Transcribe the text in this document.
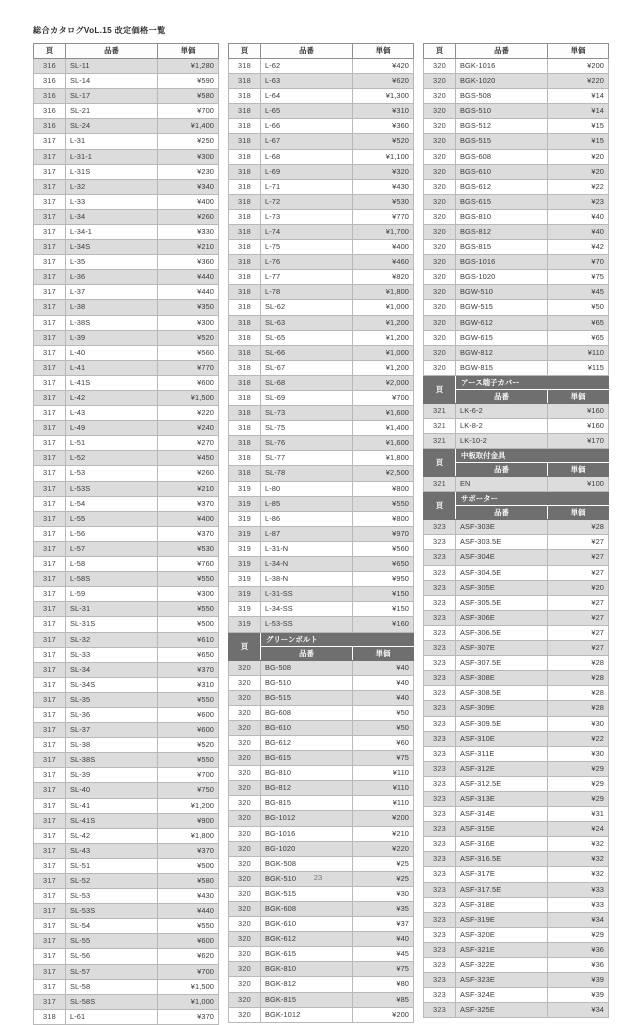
総合カタログVoL.15 改定価格一覧
頁	品番	単価
316	SL-11	¥1,280
316	SL-14	¥590
316	SL-17	¥580
316	SL-21	¥700
316	SL-24	¥1,400
317	L-31	¥250
317	L-31-1	¥300
317	L-31S	¥230
317	L-32	¥340
317	L-33	¥400
317	L-34	¥260
317	L-34-1	¥330
317	L-34S	¥210
317	L-35	¥360
317	L-36	¥440
317	L-37	¥440
317	L-38	¥350
317	L-38S	¥300
317	L-39	¥520
317	L-40	¥560
317	L-41	¥770
317	L-41S	¥600
317	L-42	¥1,500
317	L-43	¥220
317	L-49	¥240
317	L-51	¥270
317	L-52	¥450
317	L-53	¥260
317	L-53S	¥210
317	L-54	¥370
317	L-55	¥400
317	L-56	¥370
317	L-57	¥530
317	L-58	¥760
317	L-58S	¥550
317	L-59	¥300
317	SL-31	¥550
317	SL-31S	¥500
317	SL-32	¥610
317	SL-33	¥650
317	SL-34	¥370
317	SL-34S	¥310
317	SL-35	¥550
317	SL-36	¥600
317	SL-37	¥600
317	SL-38	¥520
317	SL-38S	¥550
317	SL-39	¥700
317	SL-40	¥750
317	SL-41	¥1,200
317	SL-41S	¥900
317	SL-42	¥1,800
317	SL-43	¥370
317	SL-51	¥500
317	SL-52	¥580
317	SL-53	¥430
317	SL-53S	¥440
317	SL-54	¥550
317	SL-55	¥600
317	SL-56	¥620
317	SL-57	¥700
317	SL-58	¥1,500
317	SL-58S	¥1,000
318	L-61	¥370
頁	品番	単価
318	L-62	¥420
318	L-63	¥620
318	L-64	¥1,300
318	L-65	¥310
318	L-66	¥360
318	L-67	¥520
318	L-68	¥1,100
318	L-69	¥320
318	L-71	¥430
318	L-72	¥530
318	L-73	¥770
318	L-74	¥1,700
318	L-75	¥400
318	L-76	¥460
318	L-77	¥820
318	L-78	¥1,800
318	SL-62	¥1,000
318	SL-63	¥1,200
318	SL-65	¥1,200
318	SL-66	¥1,000
318	SL-67	¥1,200
318	SL-68	¥2,000
318	SL-69	¥700
318	SL-73	¥1,600
318	SL-75	¥1,400
318	SL-76	¥1,600
318	SL-77	¥1,800
318	SL-78	¥2,500
319	L-80	¥800
319	L-85	¥550
319	L-86	¥800
319	L-87	¥970
319	L-31-N	¥560
319	L-34-N	¥650
319	L-38-N	¥950
319	L-31-SS	¥150
319	L-34-SS	¥150
319	L-53-SS	¥160
頁	グリーンボルト	
	品番	単価
320	BG-508	¥40
320	BG-510	¥40
320	BG-515	¥40
320	BG-608	¥50
320	BG-610	¥50
320	BG-612	¥60
320	BG-615	¥75
320	BG-810	¥110
320	BG-812	¥110
320	BG-815	¥110
320	BG-1012	¥200
320	BG-1016	¥210
320	BG-1020	¥220
320	BGK-508	¥25
320	BGK-510	¥25
320	BGK-515	¥30
320	BGK-608	¥35
320	BGK-610	¥37
320	BGK-612	¥40
320	BGK-615	¥45
320	BGK-810	¥75
320	BGK-812	¥80
320	BGK-815	¥85
320	BGK-1012	¥200
頁	品番	単価
320	BGK-1016	¥200
320	BGK-1020	¥220
320	BGS-508	¥14
320	BGS-510	¥14
320	BGS-512	¥15
320	BGS-515	¥15
320	BGS-608	¥20
320	BGS-610	¥20
320	BGS-612	¥22
320	BGS-615	¥23
320	BGS-810	¥40
320	BGS-812	¥40
320	BGS-815	¥42
320	BGS-1016	¥70
320	BGS-1020	¥75
320	BGW-510	¥45
320	BGW-515	¥50
320	BGW-612	¥65
320	BGW-615	¥65
320	BGW-812	¥110
320	BGW-815	¥115
頁	アース端子カバー	
	品番	単価
321	LK-6-2	¥160
321	LK-8-2	¥160
321	LK-10-2	¥170
頁	中板取付金具	
	品番	単価
321	EN	¥100
頁	サポーター	
	品番	単価
323	ASF-303E	¥28
323	ASF-303.5E	¥27
323	ASF-304E	¥27
323	ASF-304.5E	¥27
323	ASF-305E	¥20
323	ASF-305.5E	¥27
323	ASF-306E	¥27
323	ASF-306.5E	¥27
323	ASF-307E	¥27
323	ASF-307.5E	¥28
323	ASF-308E	¥28
323	ASF-308.5E	¥28
323	ASF-309E	¥28
323	ASF-309.5E	¥30
323	ASF-310E	¥22
323	ASF-311E	¥30
323	ASF-312E	¥29
323	ASF-312.5E	¥29
323	ASF-313E	¥29
323	ASF-314E	¥31
323	ASF-315E	¥24
323	ASF-316E	¥32
323	ASF-316.5E	¥32
323	ASF-317E	¥32
323	ASF-317.5E	¥33
323	ASF-318E	¥33
323	ASF-319E	¥34
323	ASF-320E	¥29
323	ASF-321E	¥36
323	ASF-322E	¥36
323	ASF-323E	¥39
323	ASF-324E	¥39
323	ASF-325E	¥34
23
